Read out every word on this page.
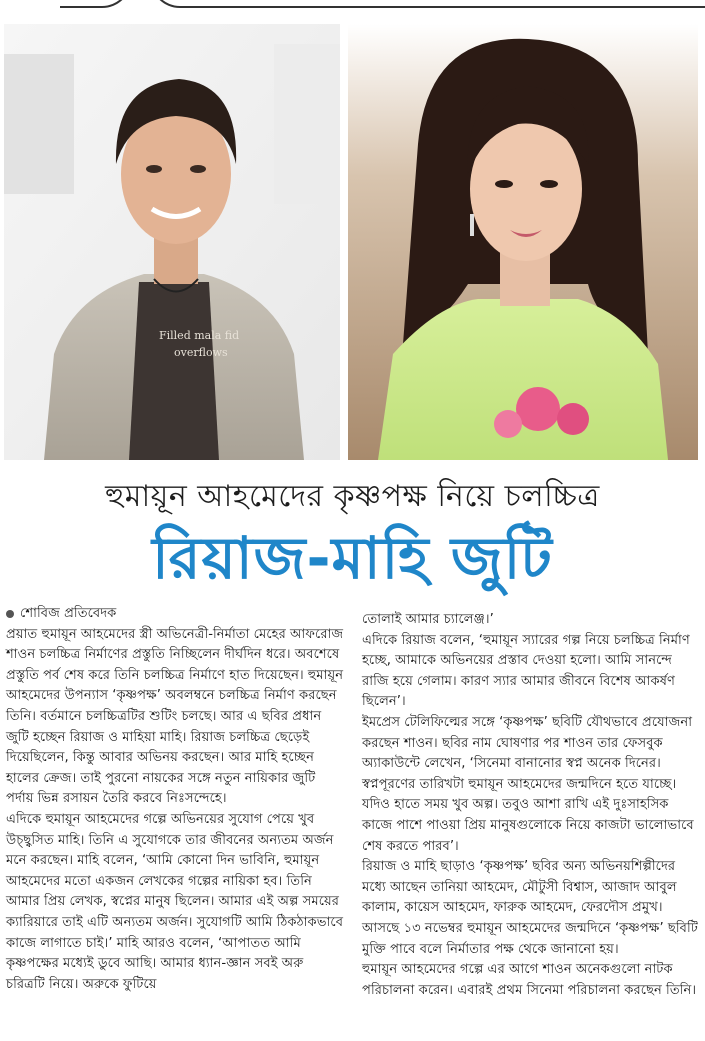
Filled mala fid
overflows
হুমায়ূন আহমেদের কৃষ্ণপক্ষ নিয়ে চলচ্চিত্র
রিয়াজ-মাহি জুটি

শোবিজ প্রতিবেদক

প্রয়াত হুমায়ূন আহমেদের স্ত্রী অভিনেত্রী-নির্মাতা মেহের আফরোজ শাওন চলচ্চিত্র নির্মাণের প্রস্তুতি নিচ্ছিলেন দীর্ঘদিন ধরে। অবশেষে প্রস্তুতি পর্ব শেষ করে তিনি চলচ্চিত্র নির্মাণে হাত দিয়েছেন। হুমায়ূন আহমেদের উপন্যাস ‘কৃষ্ণপক্ষ’ অবলম্বনে চলচ্চিত্র নির্মাণ করছেন তিনি। বর্তমানে চলচ্চিত্রটির শুটিং চলছে। আর এ ছবির প্রধান জুটি হচ্ছেন রিয়াজ ও মাহিয়া মাহি। রিয়াজ চলচ্চিত্র ছেড়েই দিয়েছিলেন, কিন্তু আবার অভিনয় করছেন। আর মাহি হচ্ছেন হালের ক্রেজ। তাই পুরনো নায়কের সঙ্গে নতুন নায়িকার জুটি পর্দায় ভিন্ন রসায়ন তৈরি করবে নিঃসন্দেহে।

এদিকে হুমায়ূন আহমেদের গল্পে অভিনয়ের সুযোগ পেয়ে খুব উচ্ছ্বসিত মাহি। তিনি এ সুযোগকে তার জীবনের অন্যতম অর্জন মনে করছেন। মাহি বলেন, ‘আমি কোনো দিন ভাবিনি, হুমায়ূন আহমেদের মতো একজন লেখকের গল্পের নায়িকা হব। তিনি আমার প্রিয় লেখক, স্বপ্নের মানুষ ছিলেন। আমার এই অল্প সময়ের ক্যারিয়ারে তাই এটি অন্যতম অর্জন। সুযোগটি আমি ঠিকঠাকভাবে কাজে লাগাতে চাই।’ মাহি আরও বলেন, ‘আপাতত আমি কৃষ্ণপক্ষের মধ্যেই ডুবে আছি। আমার ধ্যান-জ্ঞান সবই অরু চরিত্রটি নিয়ে। অরুকে ফুটিয়ে

তোলাই আমার চ্যালেঞ্জ।’

এদিকে রিয়াজ বলেন, ‘হুমায়ূন স্যারের গল্প নিয়ে চলচ্চিত্র নির্মাণ হচ্ছে, আমাকে অভিনয়ের প্রস্তাব দেওয়া হলো। আমি সানন্দে রাজি হয়ে গেলাম। কারণ স্যার আমার জীবনে বিশেষ আকর্ষণ ছিলেন’।

ইমপ্রেস টেলিফিল্মের সঙ্গে ‘কৃষ্ণপক্ষ’ ছবিটি যৌথভাবে প্রযোজনা করছেন শাওন। ছবির নাম ঘোষণার পর শাওন তার ফেসবুক অ্যাকাউন্টে লেখেন, ‘সিনেমা বানানোর স্বপ্ন অনেক দিনের। স্বপ্নপূরণের তারিখটা হুমায়ূন আহমেদের জন্মদিনে হতে যাচ্ছে। যদিও হাতে সময় খুব অল্প। তবুও আশা রাখি এই দুঃসাহসিক কাজে পাশে পাওয়া প্রিয় মানুষগুলোকে নিয়ে কাজটা ভালোভাবে শেষ করতে পারব’।

রিয়াজ ও মাহি ছাড়াও ‘কৃষ্ণপক্ষ’ ছবির অন্য অভিনয়শিল্পীদের মধ্যে আছেন তানিয়া আহমেদ, মৌটুসী বিশ্বাস, আজাদ আবুল কালাম, কায়েস আহমেদ, ফারুক আহমেদ, ফেরদৌস প্রমুখ। আসছে ১৩ নভেম্বর হুমায়ূন আহমেদের জন্মদিনে ‘কৃষ্ণপক্ষ’ ছবিটি মুক্তি পাবে বলে নির্মাতার পক্ষ থেকে জানানো হয়।

হুমায়ূন আহমেদের গল্পে এর আগে শাওন অনেকগুলো নাটক পরিচালনা করেন। এবারই প্রথম সিনেমা পরিচালনা করছেন তিনি।
